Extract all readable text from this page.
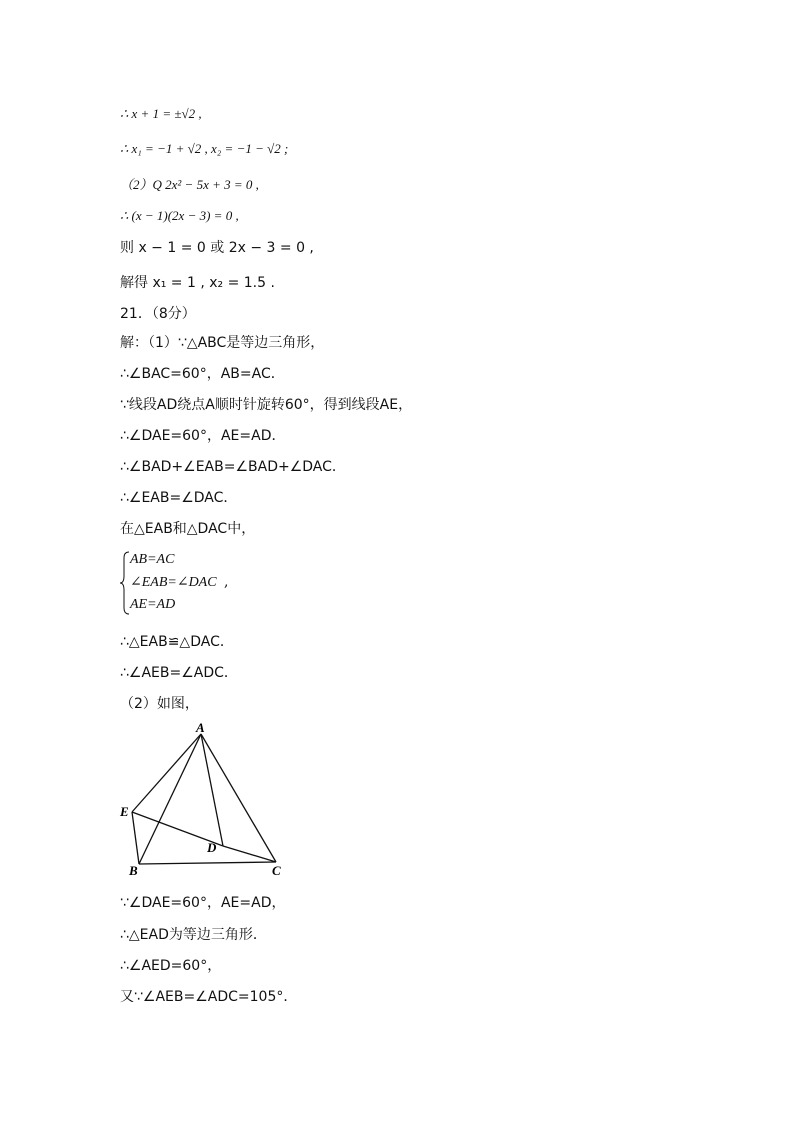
∴ x + 1 = ±√2 ,
∴ x₁ = −1 + √2 , x₂ = −1 − √2 ;
（2）Q 2x² − 5x + 3 = 0 ,
∴ (x − 1)(2x − 3) = 0 ,
则 x − 1 = 0 或 2x − 3 = 0 ,
解得 x₁ = 1 , x₂ = 1.5 .
21．（8分）
解：（1）∵△ABC是等边三角形，
∴∠BAC=60°，AB=AC．
∵线段AD绕点A顺时针旋转60°，得到线段AE，
∴∠DAE=60°，AE=AD．
∴∠BAD+∠EAB=∠BAD+∠DAC．
∴∠EAB=∠DAC．
在△EAB和△DAC中，
AB=AC
∠EAB=∠DAC
AE=AD
,
∴△EAB≌△DAC．
∴∠AEB=∠ADC．
（2）如图，
A
E
D
B	C
∵∠DAE=60°，AE=AD，
∴△EAD为等边三角形．
∴∠AED=60°，
又∵∠AEB=∠ADC=105°．
